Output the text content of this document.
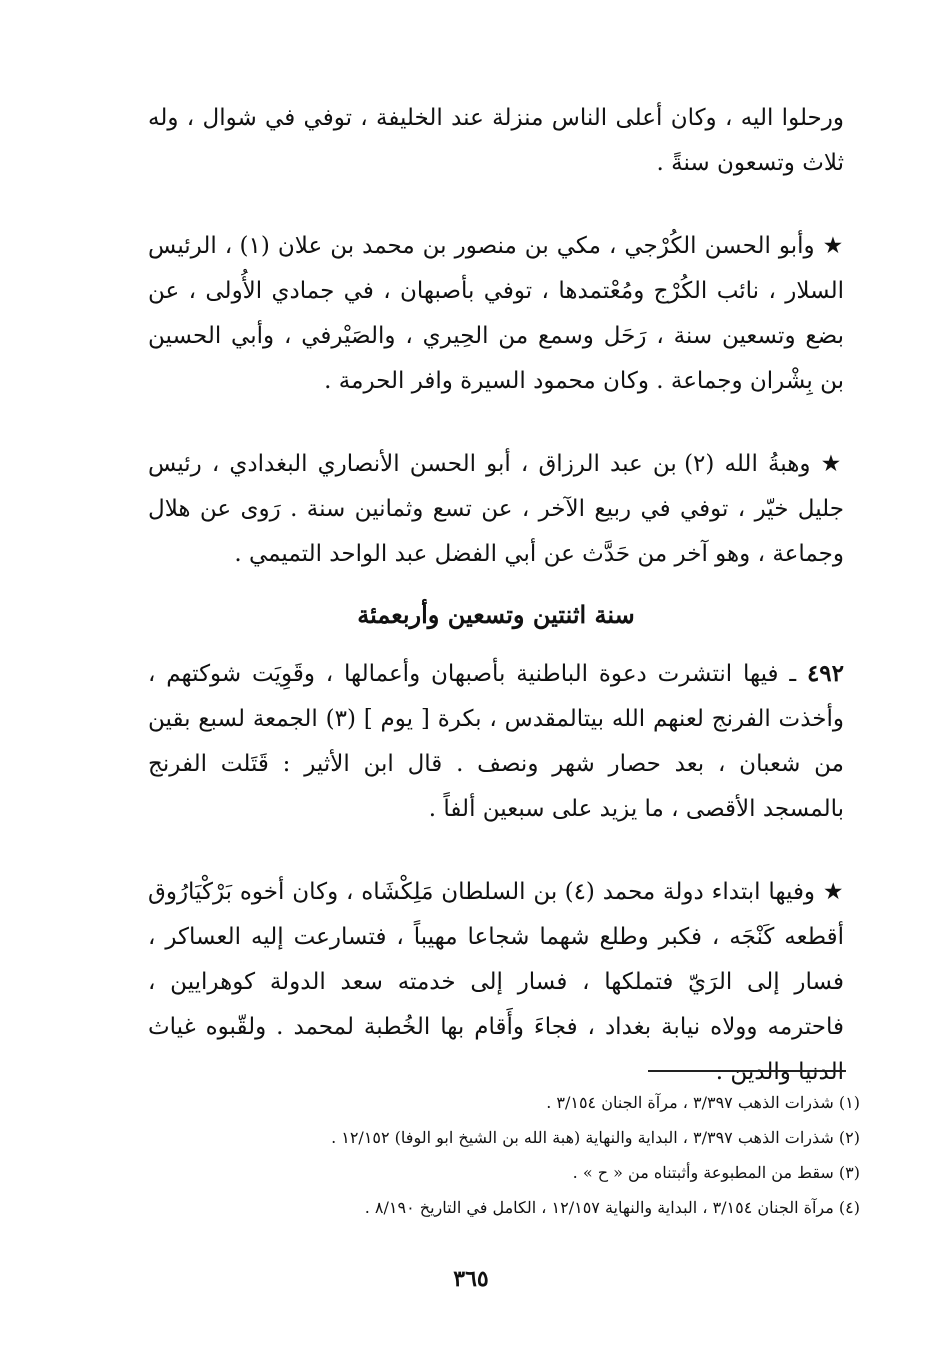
ورحلوا اليه ، وكان أعلى الناس منزلة عند الخليفة ، توفي في شوال ، وله ثلاث وتسعون سنةً .

★ وأبو الحسن الكُرْجي ، مكي بن منصور بن محمد بن علان (١) ، الرئيس السلار ، نائب الكُرْج ومُعْتمدها ، توفي بأصبهان ، في جمادي الأُولى ، عن بضع وتسعين سنة ، رَحَل وسمع من الحِيري ، والصَيْرفي ، وأبي الحسين بن بِشْران وجماعة . وكان محمود السيرة وافر الحرمة .

★ وهبةُ الله (٢) بن عبد الرزاق ، أبو الحسن الأنصاري البغدادي ، رئيس جليل خيّر ، توفي في ربيع الآخر ، عن تسع وثمانين سنة . رَوى عن هلال وجماعة ، وهو آخر من حَدَّث عن أبي الفضل عبد الواحد التميمي .

سنة اثنتين وتسعين وأربعمئة

٤٩٢ ـ فيها انتشرت دعوة الباطنية بأصبهان وأعمالها ، وقَوِيَت شوكتهم ، وأخذت الفرنج لعنهم الله بيتالمقدس ، بكرة [ يوم ] (٣) الجمعة لسبع بقين من شعبان ، بعد حصار شهر ونصف . قال ابن الأثير : قَتَلت الفرنج بالمسجد الأقصى ، ما يزيد على سبعين ألفاً .

★ وفيها ابتداء دولة محمد (٤) بن السلطان مَلِكْشَاه ، وكان أخوه بَرْكْيَارُوق أقطعه كَنْجَه ، فكبر وطلع شهما شجاعا مهيباً ، فتسارعت إليه العساكر ، فسار إلى الرَيّ فتملكها ، فسار إلى خدمته سعد الدولة كوهرايين ، فاحترمه وولاه نيابة بغداد ، فجاءَ وأَقام بها الخُطبة لمحمد . ولقّبوه غياث الدنيا والدين .

(١) شذرات الذهب ٣/٣٩٧ ، مرآة الجنان ٣/١٥٤ .

(٢) شذرات الذهب ٣/٣٩٧ ، البداية والنهاية (هبة الله بن الشيخ ابو الوفا) ١٢/١٥٢ .

(٣) سقط من المطبوعة وأثبتناه من « ح » .

(٤) مرآة الجنان ٣/١٥٤ ، البداية والنهاية ١٢/١٥٧ ، الكامل في التاريخ ٨/١٩٠ .

٣٦٥
